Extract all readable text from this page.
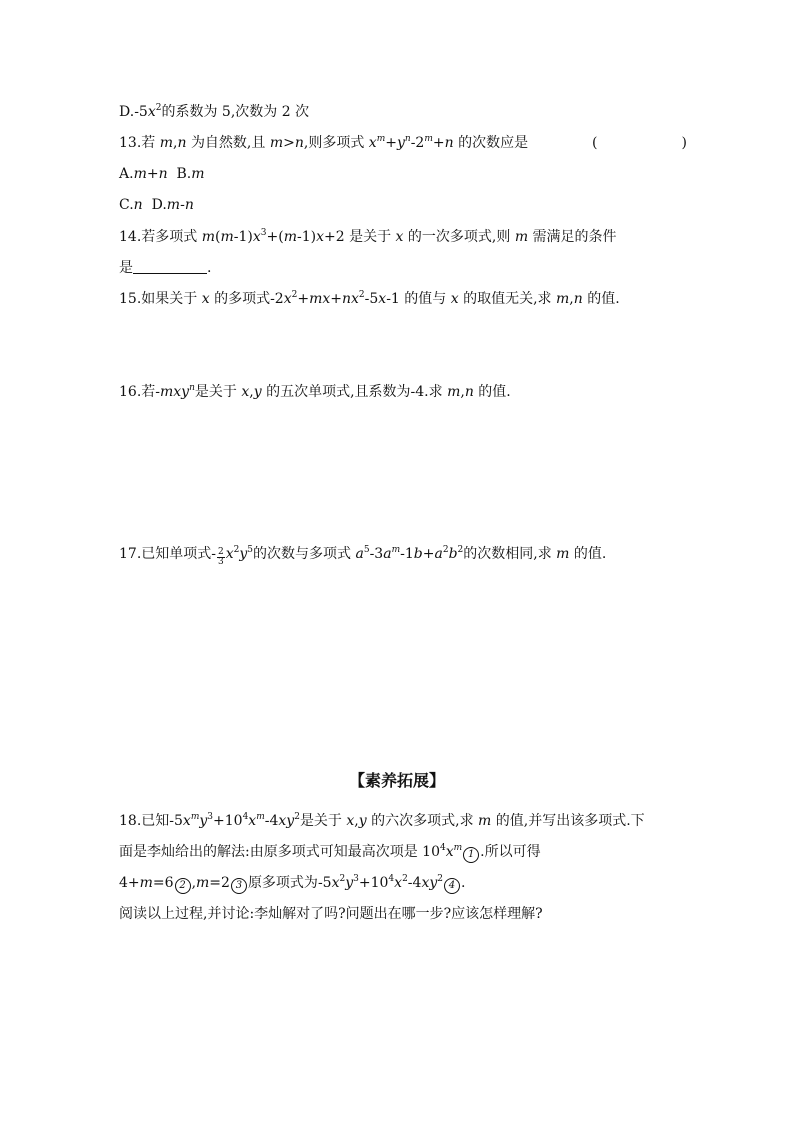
$D.-5x^2$的系数为 5,次数为 2 次
13.若 m,n 为自然数,且 m>n,则多项式 $x^m+y^n-2^m+n$ 的次数应是	(　　　　　　)
A.m+n B.m
C.n D.m-n
14.若多项式 $m(m-1)x^3+(m-1)x+2$ 是关于 x 的一次多项式,则 m 需满足的条件
是	.
15.如果关于 x 的多项式$-2x^2+mx+nx^2-5x-1$ 的值与 x 的取值无关,求 m,n 的值.
16.若-mxy$^n$是关于 x,y 的五次单项式,且系数为-4.求 m,n 的值.
17.已知单项式- $\frac{2}{3} x^2y^5$的次数与多项式 $a^5-3a^m-1b+a^2b^2$的次数相同,求 m 的值.
【素养拓展】
18.已知$-5x^my^3+10^4x^m-4xy^2$是关于 x,y 的六次多项式,求 m 的值,并写出该多项式.下
面是李灿给出的解法:由原多项式可知最高次项是 $10^4x^m1$ .所以可得
4+m=6 2 ,m=2 3 原多项式为$-5x^2y^3+10^4x^2-4xy^24$ .
阅读以上过程,并讨论:李灿解对了吗?问题出在哪一步?应该怎样理解?
